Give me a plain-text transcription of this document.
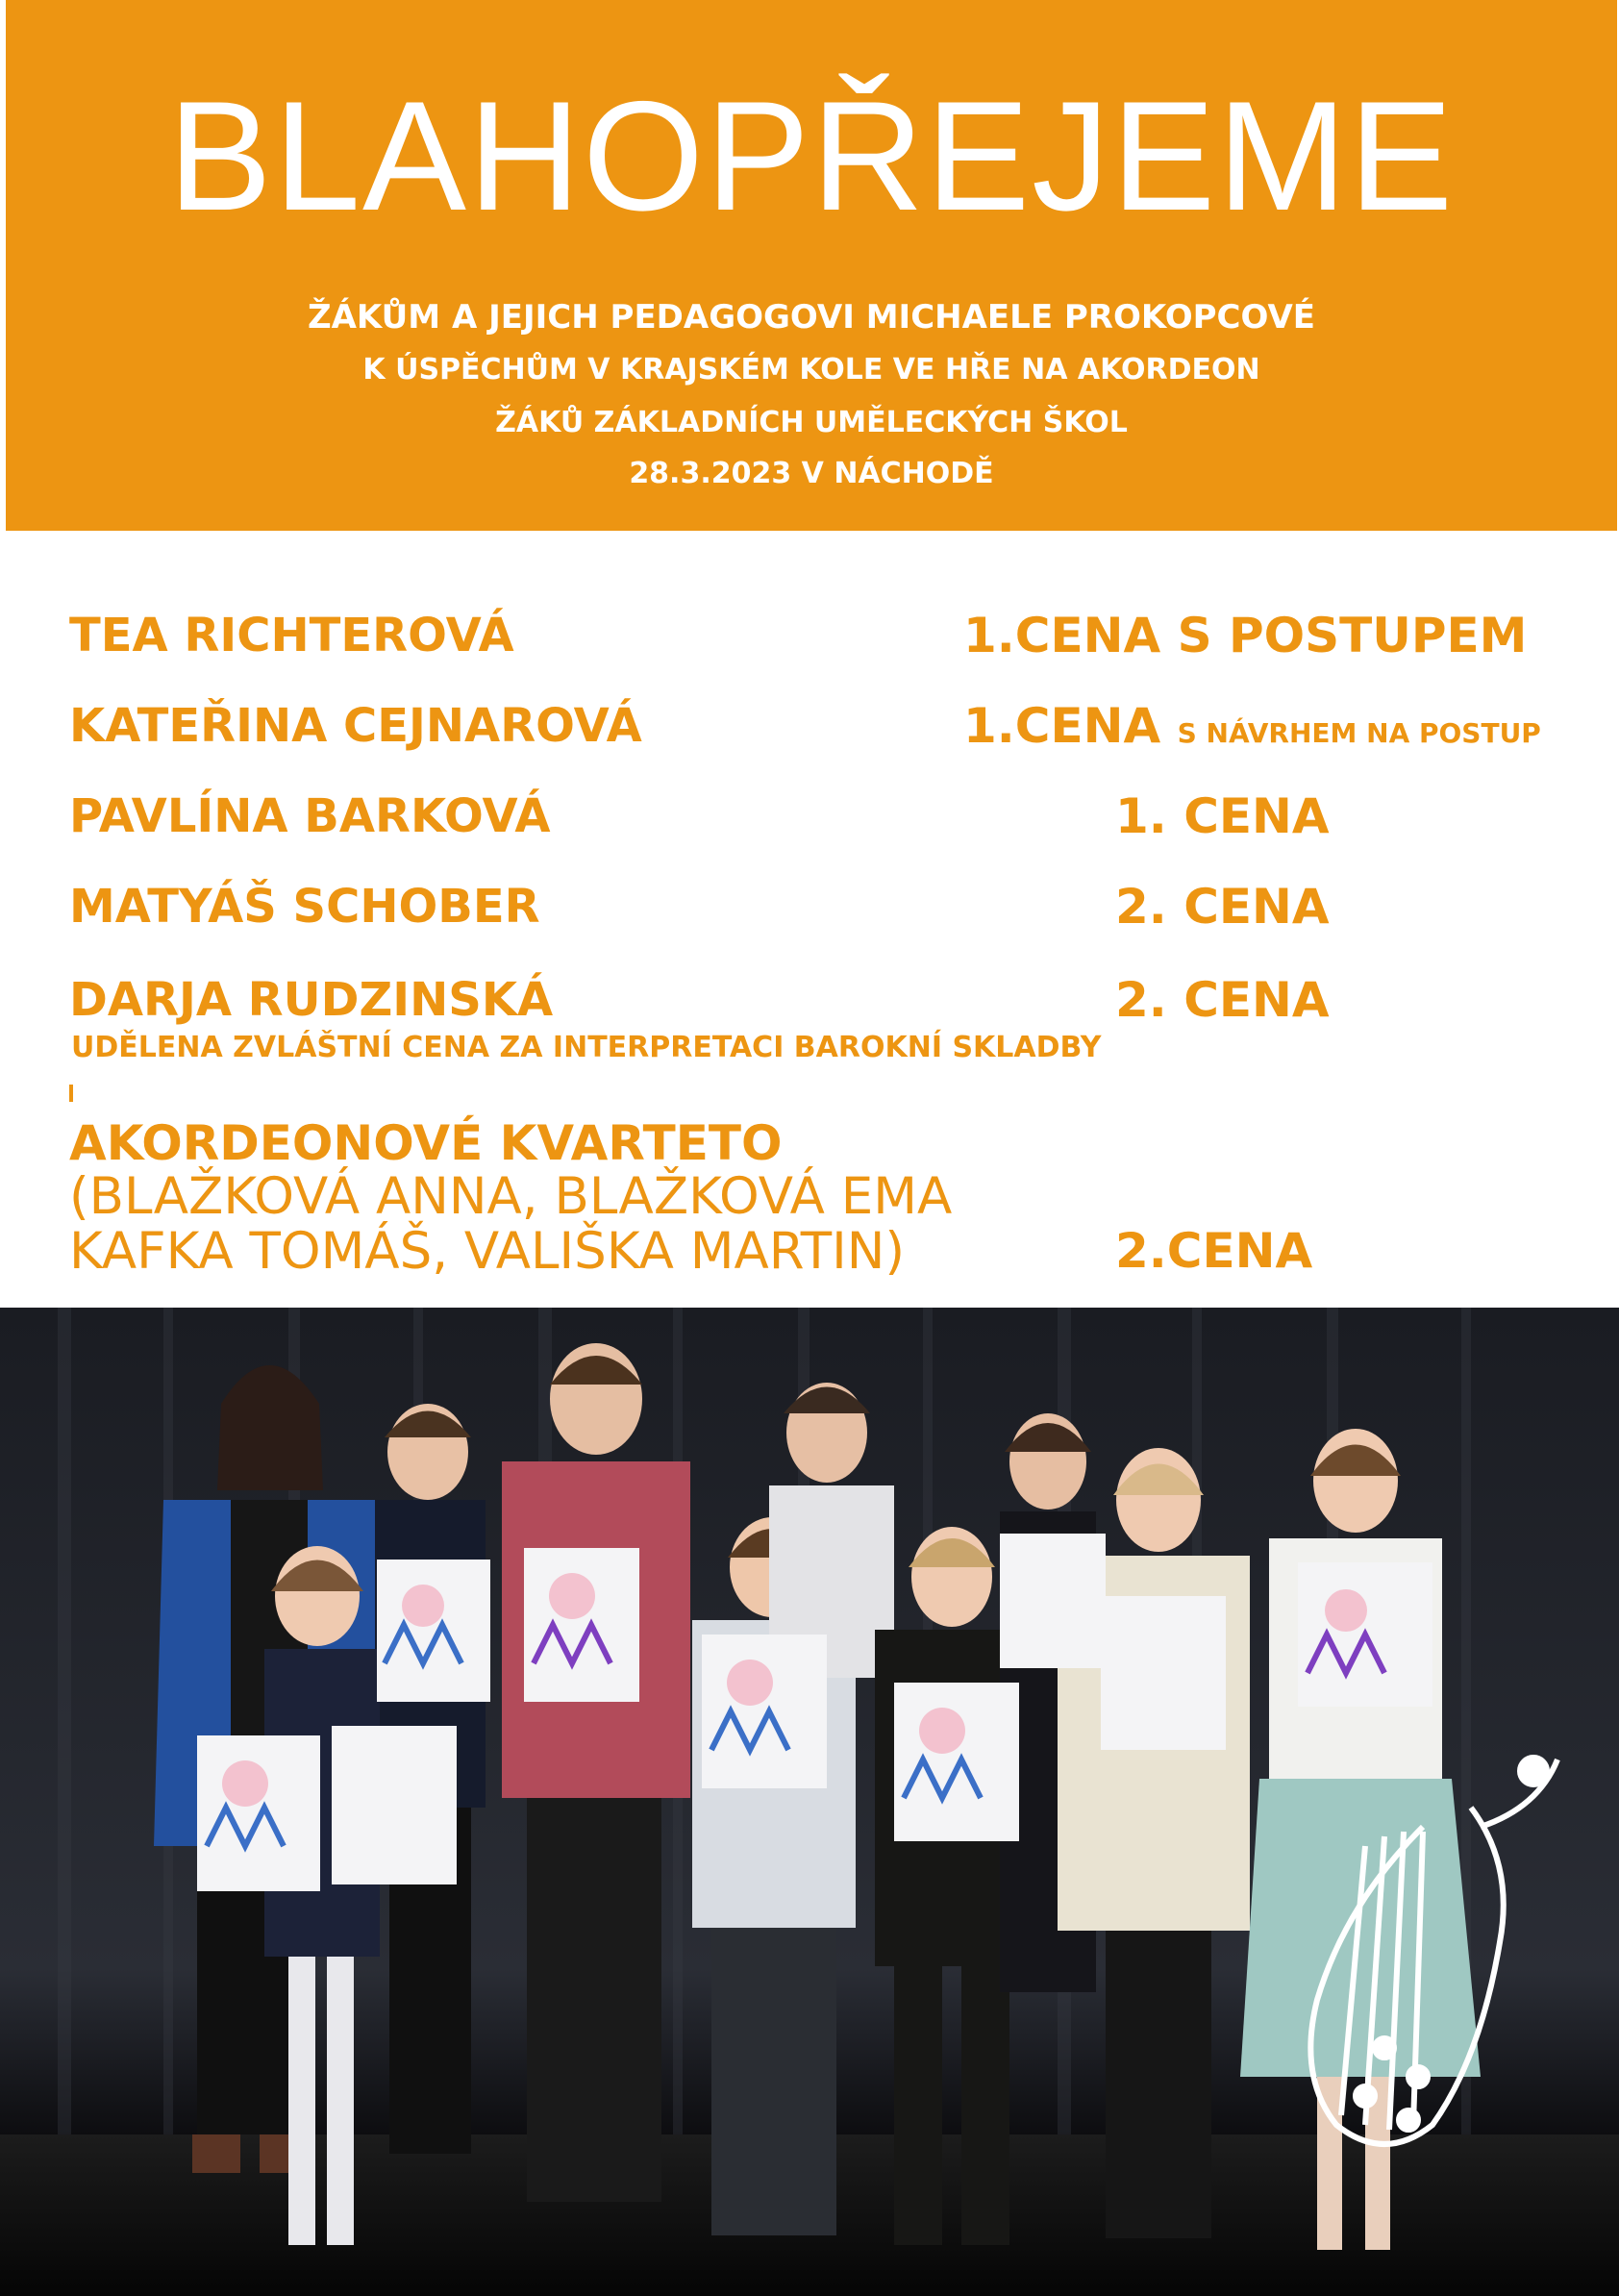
BLAHOPŘEJEME
ŽÁKŮM A JEJICH PEDAGOGOVI MICHAELE PROKOPCOVÉ
K ÚSPĚCHŮM V KRAJSKÉM KOLE VE HŘE NA AKORDEON
ŽÁKŮ ZÁKLADNÍCH UMĚLECKÝCH ŠKOL
28.3.2023 V NÁCHODĚ
TEA RICHTEROVÁ	1.CENA S POSTUPEM
KATEŘINA CEJNAROVÁ	1.CENA S NÁVRHEM NA POSTUP
PAVLÍNA BARKOVÁ	1. CENA
MATYÁŠ SCHOBER	2. CENA
DARJA RUDZINSKÁ	2. CENA
UDĚLENA ZVLÁŠTNÍ CENA ZA INTERPRETACI BAROKNÍ SKLADBY
AKORDEONOVÉ KVARTETO
(BLAŽKOVÁ ANNA, BLAŽKOVÁ EMA
KAFKA TOMÁŠ, VALIŠKA MARTIN)	2.CENA
